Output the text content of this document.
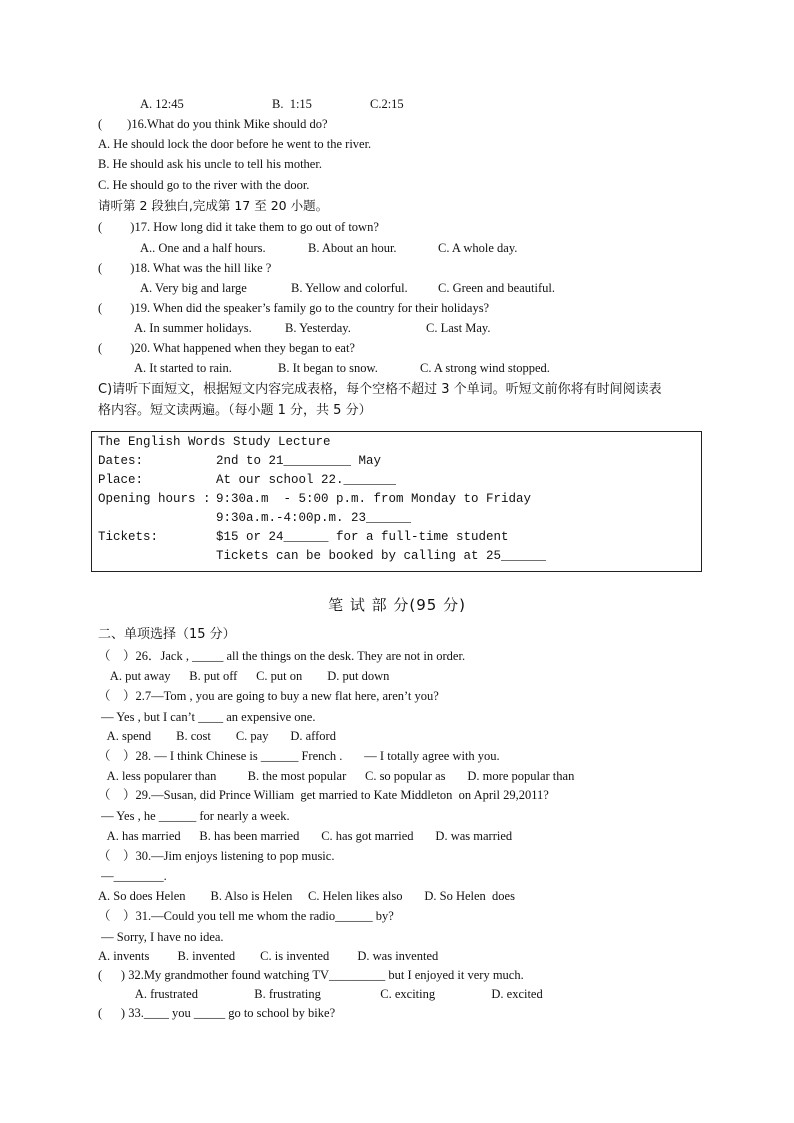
A. 12:45	B.  1:15	C.2:15
(        )16.What do you think Mike should do?
A. He should lock the door before he went to the river.
B. He should ask his uncle to tell his mother.
C. He should go to the river with the door.
请听第 2 段独白,完成第 17 至 20 小题。
(         )17. How long did it take them to go out of town?
A.. One and a half hours.	B. About an hour.	C. A whole day.
(         )18. What was the hill like ?
A. Very big and large	B. Yellow and colorful. C. Green and beautiful.
(         )19. When did the speaker’s family go to the country for their holidays?
A. In summer holidays.	B. Yesterday.	C. Last May.
(         )20. What happened when they began to eat?
A. It started to rain.	B. It began to snow.	C. A strong wind stopped.
C)请听下面短文，根据短文内容完成表格，每个空格不超过 3 个单词。听短文前你将有时间阅读表
格内容。短文读两遍。（每小题 1 分，共 5 分）
The English Words Study Lecture
Dates:	2nd to 21_________ May
Place:	At our school 22._______
Opening hours : 9:30a.m  - 5:00 p.m. from Monday to Friday
9:30a.m.-4:00p.m. 23______
Tickets:	$15 or 24______ for a full-time student
Tickets can be booked by calling at 25______
笔 试 部 分(95 分)
二、单项选择（15 分）
（    ）26．Jack , _____ all the things on the desk. They are not in order.
A. put away      B. put off      C. put on        D. put down
（    ）2.7—Tom , you are going to buy a new flat here, aren’t you?
— Yes , but I can’t ____ an expensive one.
A. spend        B. cost        C. pay       D. afford
（    ）28. — I think Chinese is ______ French .       — I totally agree with you.
A. less popularer than          B. the most popular      C. so popular as       D. more popular than
（    ）29.—Susan, did Prince William  get married to Kate Middleton  on April 29,2011?
— Yes , he ______ for nearly a week.
A. has married      B. has been married       C. has got married       D. was married
（    ）30.—Jim enjoys listening to pop music.
—________.
A. So does Helen        B. Also is Helen     C. Helen likes also       D. So Helen  does
（    ）31.—Could you tell me whom the radio______ by?
— Sorry, I have no idea.
A. invents         B. invented        C. is invented         D. was invented
(      ) 32.My grandmother found watching TV_________ but I enjoyed it very much.
A. frustrated                  B. frustrating                   C. exciting                  D. excited
(      ) 33.____ you _____ go to school by bike?
